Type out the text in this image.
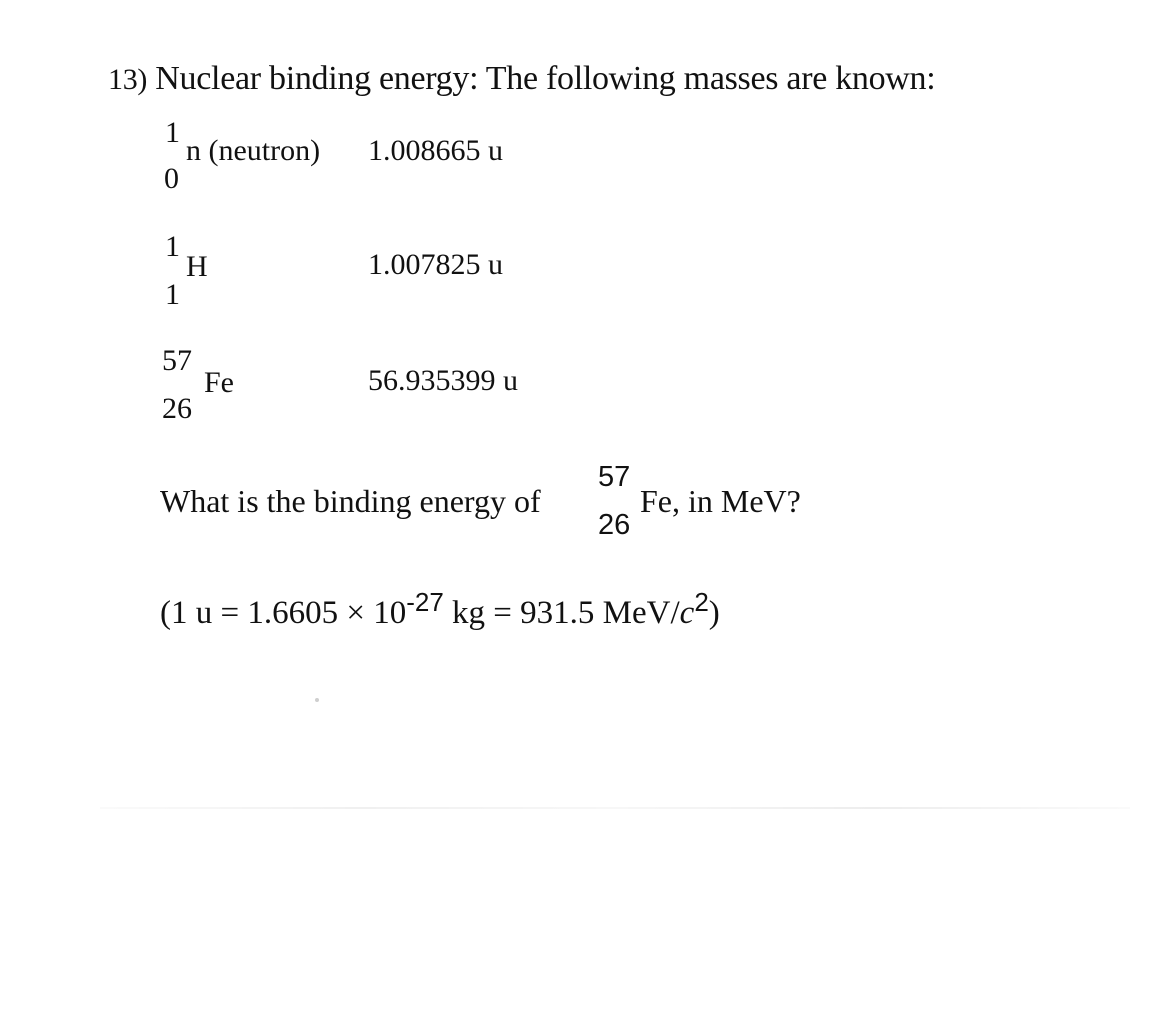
13) Nuclear binding energy: The following masses are known:
1
0
n (neutron) 1.008665 u
1
1
H	1.007825 u
57
26
Fe	56.935399 u
What is the binding energy of
57
26
Fe, in MeV?
(1 $u = 1.6605 \times 10^{-27}$ kg = 931.5 MeV/$c^2$)
